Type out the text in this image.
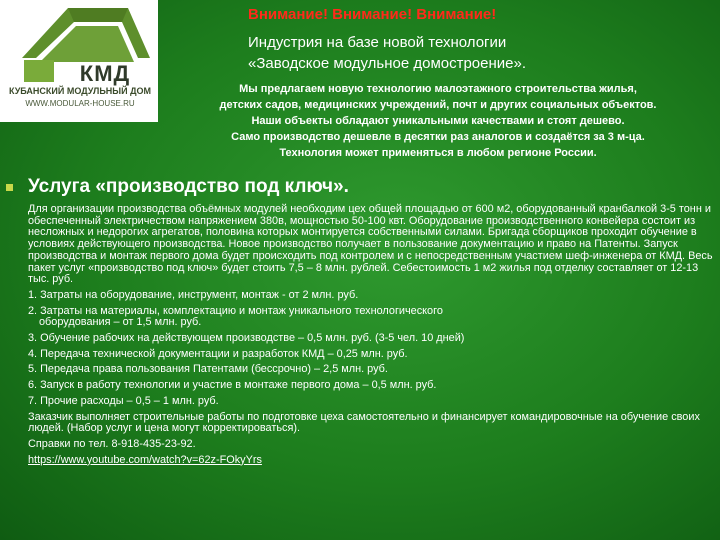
КМД
КУБАНСКИЙ МОДУЛЬНЫЙ ДОМ
WWW.MODULAR-HOUSE.RU
Внимание! Внимание! Внимание!
Индустрия на базе новой технологии
«Заводское модульное домостроение».
Мы предлагаем новую технологию малоэтажного строительства жилья,
детских садов, медицинских учреждений, почт и других социальных объектов.
Наши объекты обладают уникальными качествами и стоят дешево.
Само производство дешевле в десятки раз аналогов и создаётся за 3 м-ца.
Технология может применяться в любом регионе России.
Услуга «производство под ключ».

Для организации производства объёмных модулей необходим цех общей площадью от 600 м2, оборудованный кранбалкой 3-5 тонн и обеспеченный электричеством напряжением 380в, мощностью 50-100 квт. Оборудование производственного конвейера состоит из несложных и недорогих агрегатов, половина которых монтируется собственными силами. Бригада сборщиков проходит обучение в условиях действующего производства. Новое производство получает в пользование документацию и право на Патенты. Запуск производства и монтаж первого дома будет происходить под контролем и с непосредственным участием шеф-инженера от КМД. Весь пакет услуг «производство под ключ» будет стоить 7,5 – 8 млн. рублей. Себестоимость 1 м2 жилья под отделку составляет от 12-13 тыс. руб.

1. Затраты на оборудование, инструмент, монтаж - от 2 млн. руб.

2. Затраты на материалы, комплектацию и монтаж уникального технологического

оборудования – от 1,5 млн. руб.

3. Обучение рабочих на действующем производстве – 0,5 млн. руб. (3-5 чел. 10 дней)

4. Передача технической документации и разработок КМД – 0,25 млн. руб.

5. Передача права пользования Патентами (бессрочно) – 2,5 млн. руб.

6. Запуск в работу технологии и участие в монтаже первого дома – 0,5 млн. руб.

7. Прочие расходы – 0,5 – 1 млн. руб.

Заказчик выполняет строительные работы по подготовке цеха самостоятельно и финансирует командировочные на обучение своих людей. (Набор услуг и цена могут корректироваться).

Справки по тел. 8-918-435-23-92.

https://www.youtube.com/watch?v=62z-FOkyYrs
